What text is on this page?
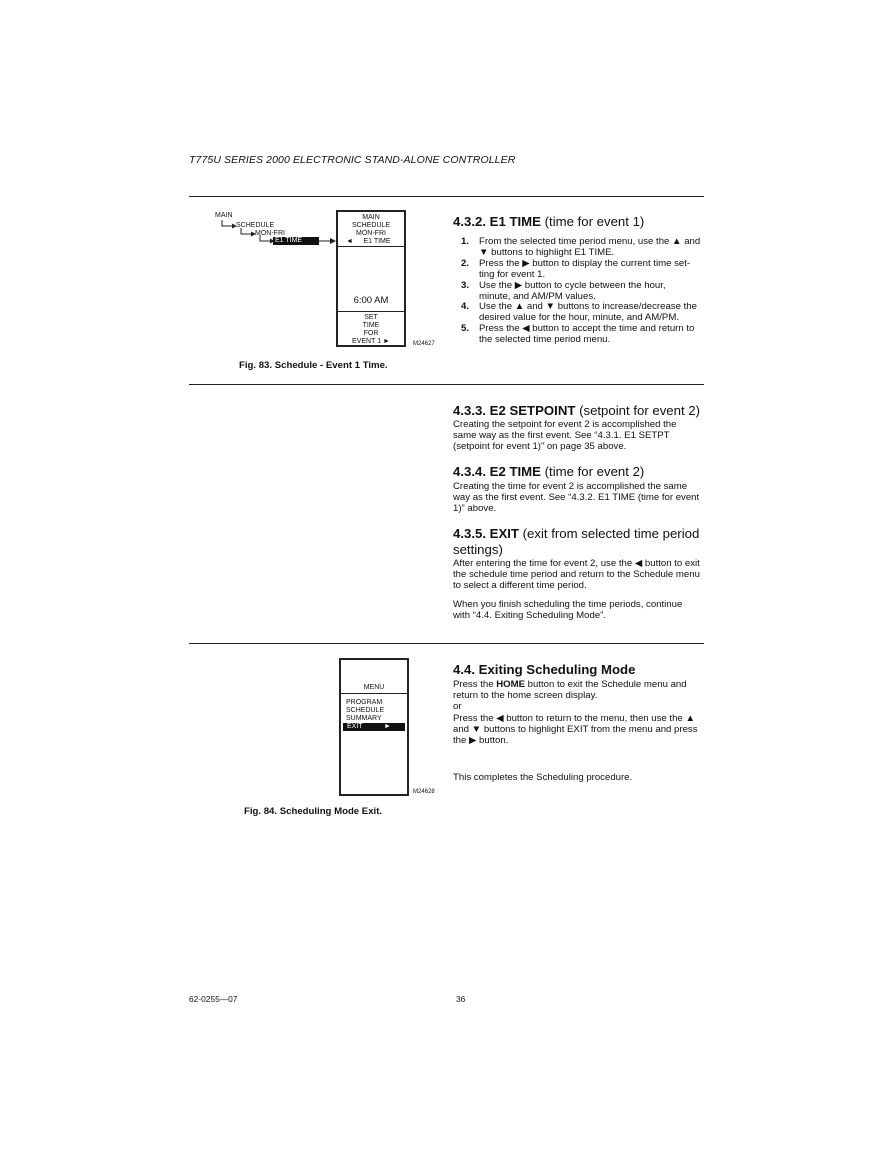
T775U SERIES 2000 ELECTRONIC STAND-ALONE CONTROLLER
MAIN
SCHEDULE
MON-FRI
E1 TIME
MAIN
SCHEDULE
MON-FRI
◄	E1 TIME
6:00 AM
SET
TIME
FOR
EVENT 1 ►	M24627
Fig. 83. Schedule - Event 1 Time.
4.3.2. E1 TIME (time for event 1)
1. From the selected time period menu, use the ▲ and
▼ buttons to highlight E1 TIME.
2. Press the ▶ button to display the current time set-
ting for event 1.
3. Use the ▶ button to cycle between the hour,
minute, and AM/PM values.
4. Use the ▲ and ▼ buttons to increase/decrease the
desired value for the hour, minute, and AM/PM.
5. Press the ◀ button to accept the time and return to
the selected time period menu.
4.3.3. E2 SETPOINT (setpoint for event 2)
Creating the setpoint for event 2 is accomplished the
same way as the first event. See “4.3.1. E1 SETPT
(setpoint for event 1)” on page 35 above.
4.3.4. E2 TIME (time for event 2)
Creating the time for event 2 is accomplished the same
way as the first event. See “4.3.2. E1 TIME (time for event
1)” above.
4.3.5. EXIT (exit from selected time period
settings)
After entering the time for event 2, use the ◀ button to exit
the schedule time period and return to the Schedule menu
to select a different time period.
When you finish scheduling the time periods, continue
with “4.4. Exiting Scheduling Mode”.
MENU
PROGRAM
SCHEDULE
SUMMARY
EXIT	►
M24628
Fig. 84. Scheduling Mode Exit.
4.4. Exiting Scheduling Mode
Press the HOME button to exit the Schedule menu and
return to the home screen display.
or
Press the ◀ button to return to the menu, then use the ▲
and ▼ buttons to highlight EXIT from the menu and press
the ▶ button.
This completes the Scheduling procedure.
62-0255—07	36
